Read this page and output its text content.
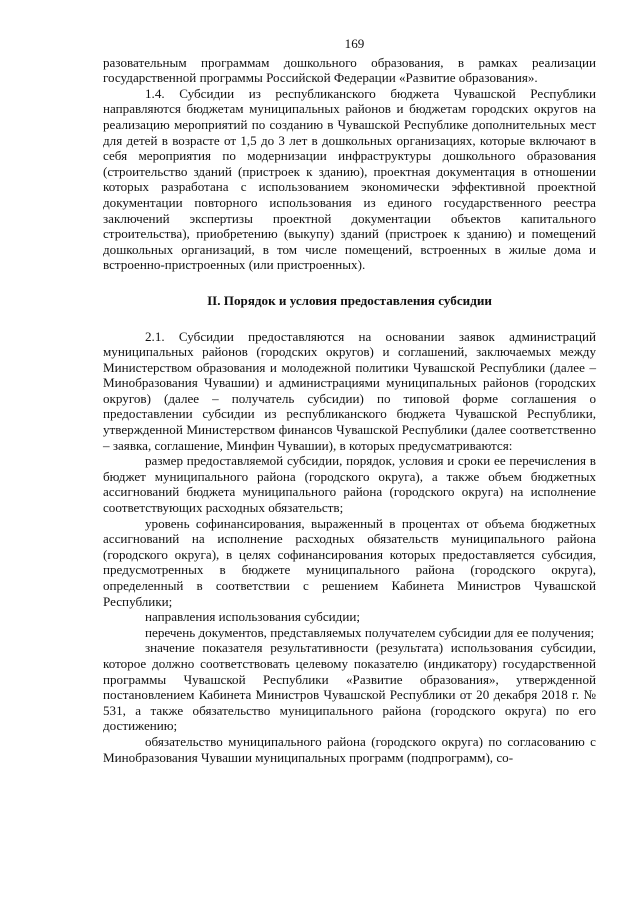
169

разовательным программам дошкольного образования, в рамках реализации государственной программы Российской Федерации «Развитие образования».

1.4. Субсидии из республиканского бюджета Чувашской Республики направляются бюджетам муниципальных районов и бюджетам городских округов на реализацию мероприятий по созданию в Чувашской Республике дополнительных мест для детей в возрасте от 1,5 до 3 лет в дошкольных организациях, которые включают в себя мероприятия по модернизации инфраструктуры дошкольного образования (строительство зданий (пристроек к зданию), проектная документация в отношении которых разработана с использованием экономически эффективной проектной документации повторного использования из единого государственного реестра заключений экспертизы проектной документации объектов капитального строительства), приобретению (выкупу) зданий (пристроек к зданию) и помещений дошкольных организаций, в том числе помещений, встроенных в жилые дома и встроенно-пристроенных (или пристроенных).

II. Порядок и условия предоставления субсидии

2.1. Субсидии предоставляются на основании заявок администраций муниципальных районов (городских округов) и соглашений, заключаемых между Министерством образования и молодежной политики Чувашской Республики (далее – Минобразования Чувашии) и администрациями муниципальных районов (городских округов) (далее – получатель субсидии) по типовой форме соглашения о предоставлении субсидии из республиканского бюджета Чувашской Республики, утвержденной Министерством финансов Чувашской Республики (далее соответственно – заявка, соглашение, Минфин Чувашии), в которых предусматриваются:

размер предоставляемой субсидии, порядок, условия и сроки ее перечисления в бюджет муниципального района (городского округа), а также объем бюджетных ассигнований бюджета муниципального района (городского округа) на исполнение соответствующих расходных обязательств;

уровень софинансирования, выраженный в процентах от объема бюджетных ассигнований на исполнение расходных обязательств муниципального района (городского округа), в целях софинансирования которых предоставляется субсидия, предусмотренных в бюджете муниципального района (городского округа), определенный в соответствии с решением Кабинета Министров Чувашской Республики;

направления использования субсидии;

перечень документов, представляемых получателем субсидии для ее получения;

значение показателя результативности (результата) использования субсидии, которое должно соответствовать целевому показателю (индикатору) государственной программы Чувашской Республики «Развитие образования», утвержденной постановлением Кабинета Министров Чувашской Республики от 20 декабря 2018 г. № 531, а также обязательство муниципального района (городского округа) по его достижению;

обязательство муниципального района (городского округа) по согласованию с Минобразования Чувашии муниципальных программ (подпрограмм), со-
